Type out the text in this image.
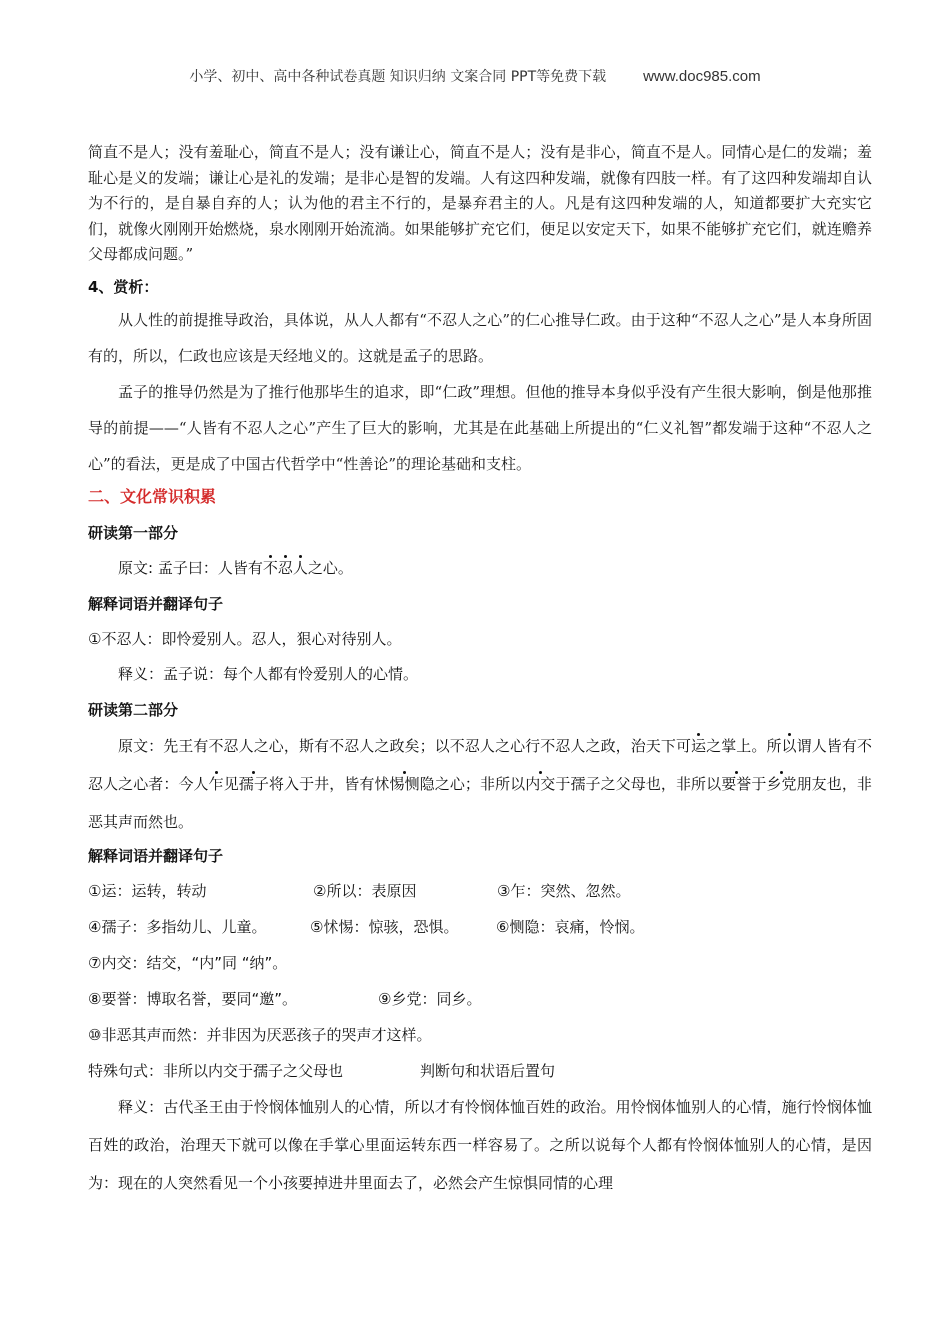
小学、初中、高中各种试卷真题 知识归纳 文案合同 PPT等免费下载 www.doc985.com

简直不是人；没有羞耻心，简直不是人；没有谦让心，简直不是人；没有是非心，简直不是人。同情心是仁的发端；羞耻心是义的发端；谦让心是礼的发端；是非心是智的发端。人有这四种发端，就像有四肢一样。有了这四种发端却自认为不行的，是自暴自弃的人；认为他的君主不行的，是暴弃君主的人。凡是有这四种发端的人，知道都要扩大充实它们，就像火刚刚开始燃烧，泉水刚刚开始流淌。如果能够扩充它们，便足以安定天下，如果不能够扩充它们，就连赡养父母都成问题。”

4、赏析：

从人性的前提推导政治，具体说，从人人都有“不忍人之心”的仁心推导仁政。由于这种“不忍人之心”是人本身所固有的，所以，仁政也应该是天经地义的。这就是孟子的思路。

孟子的推导仍然是为了推行他那毕生的追求，即“仁政”理想。但他的推导本身似乎没有产生很大影响，倒是他那推导的前提——“人皆有不忍人之心”产生了巨大的影响，尤其是在此基础上所提出的“仁义礼智”都发端于这种“不忍人之心”的看法，更是成了中国古代哲学中“性善论”的理论基础和支柱。

二、文化常识积累

研读第一部分

原文: 孟子曰：人皆有不忍人之心。

解释词语并翻译句子

①不忍人：即怜爱别人。忍人，狠心对待别人。

释义：孟子说：每个人都有怜爱别人的心情。

研读第二部分

原文：先王有不忍人之心，斯有不忍人之政矣；以不忍人之心行不忍人之政，治天下可运之掌上。所以谓人皆有不忍人之心者：今人乍见孺子将入于井，皆有怵惕恻隐之心；非所以内交于孺子之父母也，非所以要誉于乡党朋友也，非恶其声而然也。

解释词语并翻译句子

①运：运转，转动	②所以：表原因	③乍：突然、忽然。
④孺子：多指幼儿、儿童。	⑤怵惕：惊骇，恐惧。	⑥恻隐：哀痛，怜悯。
⑦内交：结交，“内”同 “纳”。
⑧要誉：博取名誉，要同“邀”。	⑨乡党：同乡。
⑩非恶其声而然：并非因为厌恶孩子的哭声才这样。
特殊句式：非所以内交于孺子之父母也	判断句和状语后置句

释义：古代圣王由于怜悯体恤别人的心情，所以才有怜悯体恤百姓的政治。用怜悯体恤别人的心情，施行怜悯体恤百姓的政治，治理天下就可以像在手掌心里面运转东西一样容易了。之所以说每个人都有怜悯体恤别人的心情，是因为：现在的人突然看见一个小孩要掉进井里面去了，必然会产生惊惧同情的心理
